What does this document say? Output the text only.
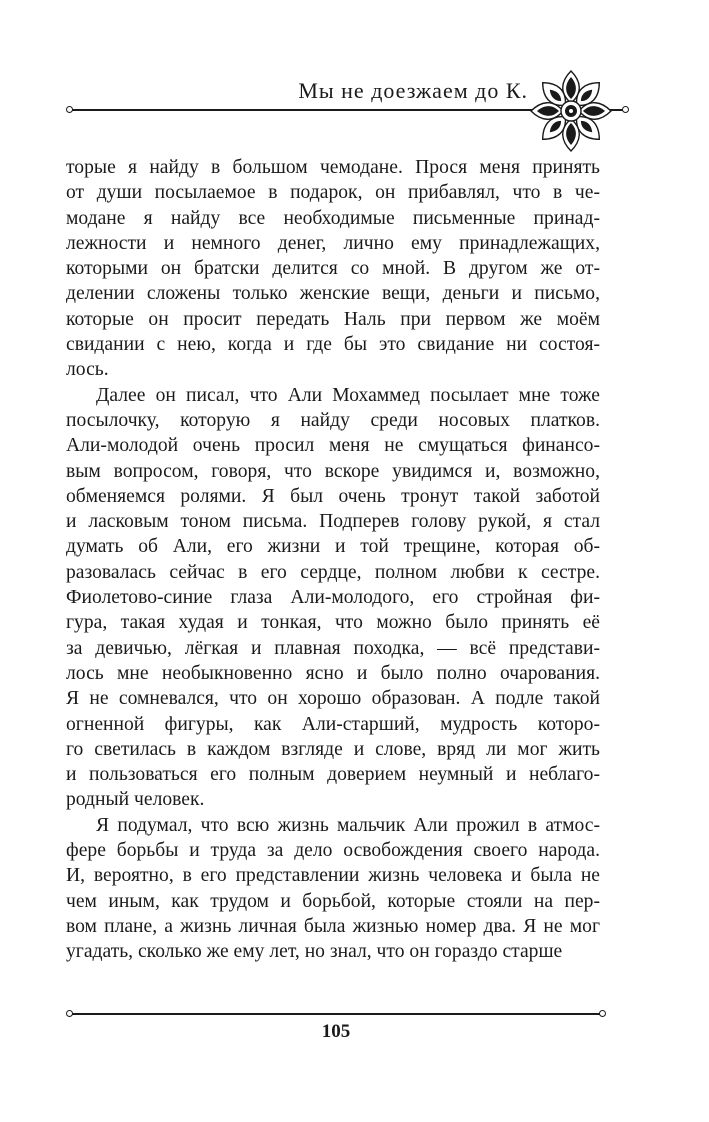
Мы не доезжаем до К.
торые я найду в большом чемодане. Прося меня принять
от души посылаемое в подарок, он прибавлял, что в че-
модане я найду все необходимые письменные принад-
лежности и немного денег, лично ему принадлежащих,
которыми он братски делится со мной. В другом же от-
делении сложены только женские вещи, деньги и письмо,
которые он просит передать Наль при первом же моём
свидании с нею, когда и где бы это свидание ни состоя-
лось.
Далее он писал, что Али Мохаммед посылает мне тоже
посылочку, которую я найду среди носовых платков.
Али-молодой очень просил меня не смущаться финансо-
вым вопросом, говоря, что вскоре увидимся и, возможно,
обменяемся ролями. Я был очень тронут такой заботой
и ласковым тоном письма. Подперев голову рукой, я стал
думать об Али, его жизни и той трещине, которая об-
разовалась сейчас в его сердце, полном любви к сестре.
Фиолетово-синие глаза Али-молодого, его стройная фи-
гура, такая худая и тонкая, что можно было принять её
за девичью, лёгкая и плавная походка, — всё представи-
лось мне необыкновенно ясно и было полно очарования.
Я не сомневался, что он хорошо образован. А подле такой
огненной фигуры, как Али-старший, мудрость которо-
го светилась в каждом взгляде и слове, вряд ли мог жить
и пользоваться его полным доверием неумный и неблаго-
родный человек.
Я подумал, что всю жизнь мальчик Али прожил в атмос-
фере борьбы и труда за дело освобождения своего народа.
И, вероятно, в его представлении жизнь человека и была не
чем иным, как трудом и борьбой, которые стояли на пер-
вом плане, а жизнь личная была жизнью номер два. Я не мог
угадать, сколько же ему лет, но знал, что он гораздо старше
105
